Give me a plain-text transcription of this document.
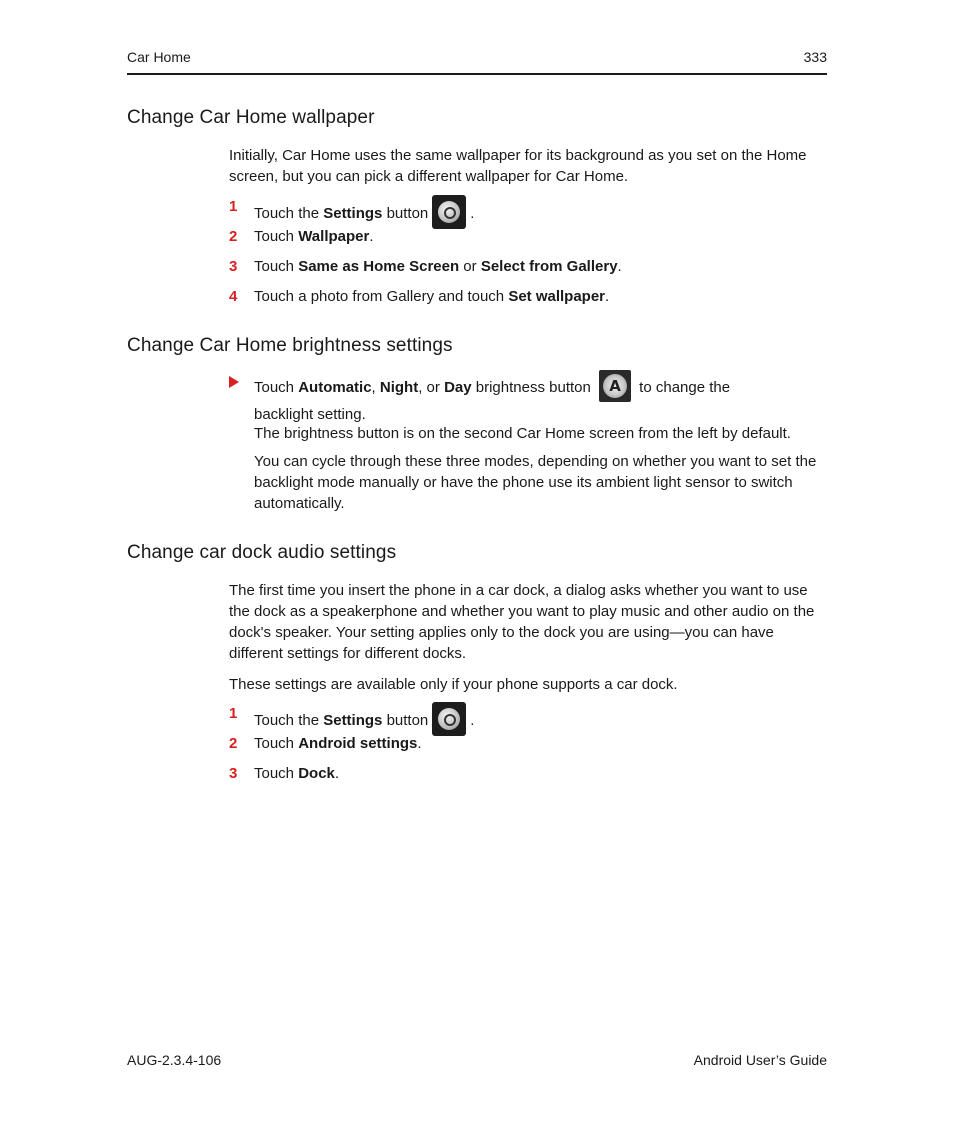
Car Home	333
Change Car Home wallpaper

Initially, Car Home uses the same wallpaper for its background as you set on the Home screen, but you can pick a different wallpaper for Car Home.

1 Touch the Settings button	.
2 Touch Wallpaper.
3 Touch Same as Home Screen or Select from Gallery.
4 Touch a photo from Gallery and touch Set wallpaper.
Change Car Home brightness settings
Touch Automatic, Night, or Day brightness button	A to change the
backlight setting.

The brightness button is on the second Car Home screen from the left by default.

You can cycle through these three modes, depending on whether you want to set the backlight mode manually or have the phone use its ambient light sensor to switch automatically.

Change car dock audio settings

The first time you insert the phone in a car dock, a dialog asks whether you want to use the dock as a speakerphone and whether you want to play music and other audio on the dock's speaker. Your setting applies only to the dock you are using—you can have different settings for different docks.

These settings are available only if your phone supports a car dock.

1 Touch the Settings button	.
2 Touch Android settings.
3 Touch Dock.
AUG-2.3.4-106	Android User’s Guide
